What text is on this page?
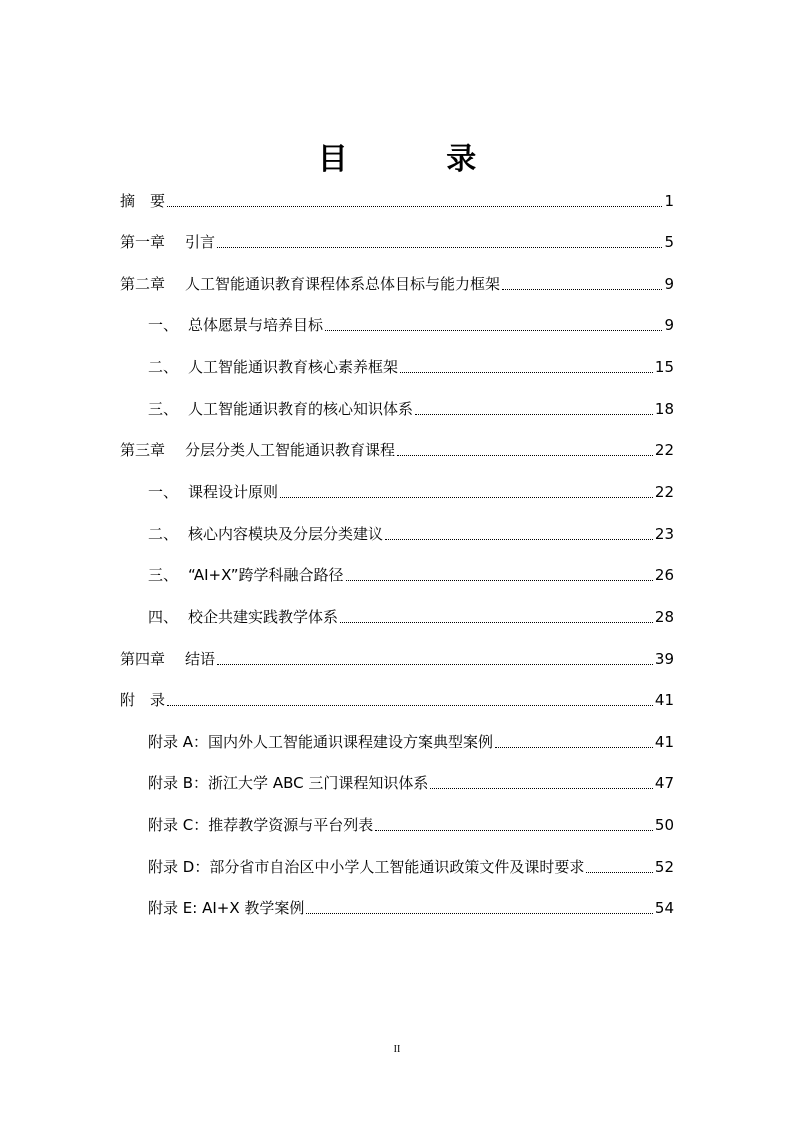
目 录
摘　要	1
第一章	引言	5
第二章	人工智能通识教育课程体系总体目标与能力框架	9
一、 总体愿景与培养目标	9
二、 人工智能通识教育核心素养框架	15
三、 人工智能通识教育的核心知识体系	18
第三章	分层分类人工智能通识教育课程	22
一、 课程设计原则	22
二、 核心内容模块及分层分类建议	23
三、 “AI+X”跨学科融合路径	26
四、 校企共建实践教学体系	28
第四章	结语	39
附　录	41
附录 A：国内外人工智能通识课程建设方案典型案例	41
附录 B：浙江大学 ABC 三门课程知识体系	47
附录 C：推荐教学资源与平台列表	50
附录 D：部分省市自治区中小学人工智能通识政策文件及课时要求	52
附录 E: AI+X 教学案例	54
II
